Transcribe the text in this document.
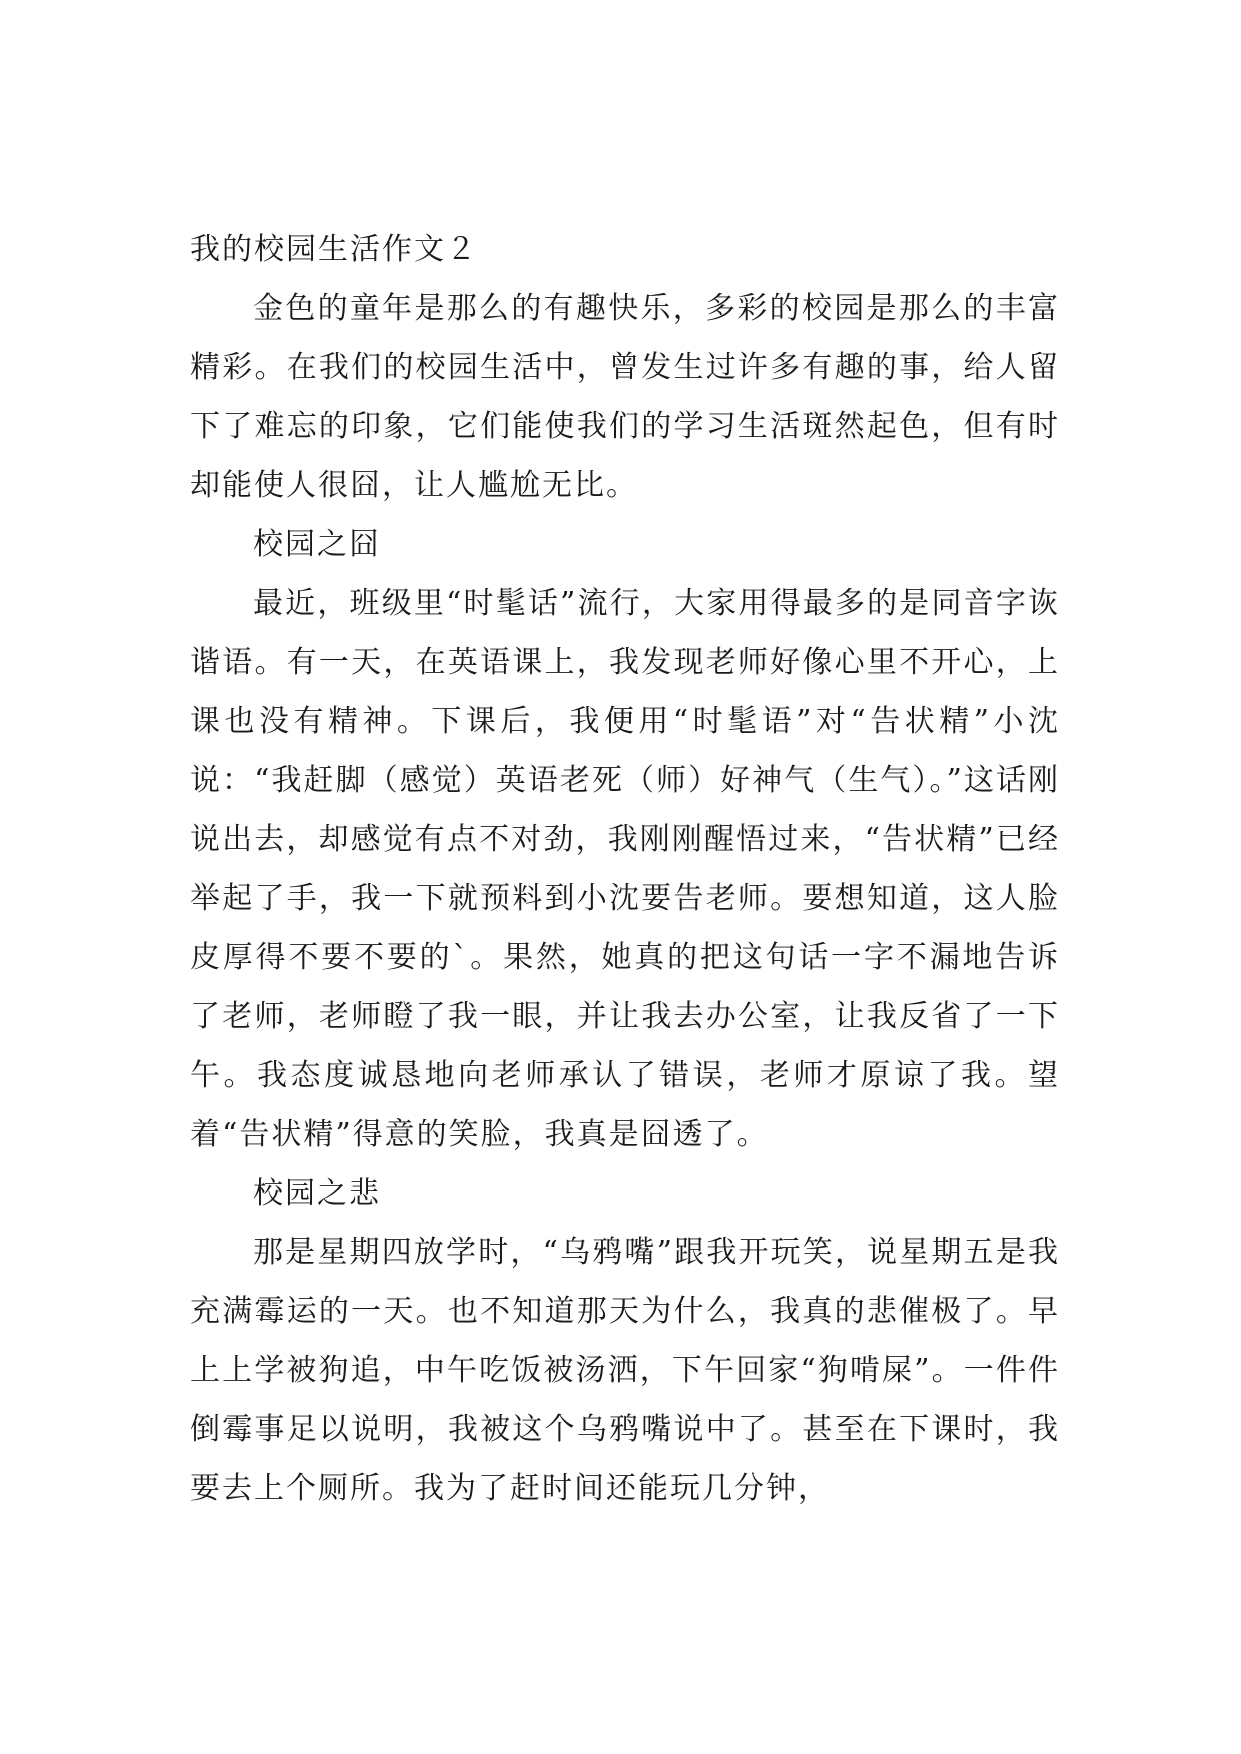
我的校园生活作文２

金色的童年是那么的有趣快乐，多彩的校园是那么的丰富精彩。在我们的校园生活中，曾发生过许多有趣的事，给人留下了难忘的印象，它们能使我们的学习生活斑然起色，但有时却能使人很囧，让人尴尬无比。

校园之囧

最近，班级里“时髦话”流行，大家用得最多的是同音字诙谐语。有一天，在英语课上，我发现老师好像心里不开心，上课也没有精神。下课后，我便用“时髦语”对“告状精”小沈说：“我赶脚（感觉）英语老死（师）好神气（生气）。”这话刚说出去，却感觉有点不对劲，我刚刚醒悟过来，“告状精”已经举起了手，我一下就预料到小沈要告老师。要想知道，这人脸皮厚得不要不要的`。果然，她真的把这句话一字不漏地告诉了老师，老师瞪了我一眼，并让我去办公室，让我反省了一下午。我态度诚恳地向老师承认了错误，老师才原谅了我。望着“告状精”得意的笑脸，我真是囧透了。

校园之悲

那是星期四放学时，“乌鸦嘴”跟我开玩笑，说星期五是我充满霉运的一天。也不知道那天为什么，我真的悲催极了。早上上学被狗追，中午吃饭被汤洒，下午回家“狗啃屎”。一件件倒霉事足以说明，我被这个乌鸦嘴说中了。甚至在下课时，我要去上个厕所。我为了赶时间还能玩几分钟，
